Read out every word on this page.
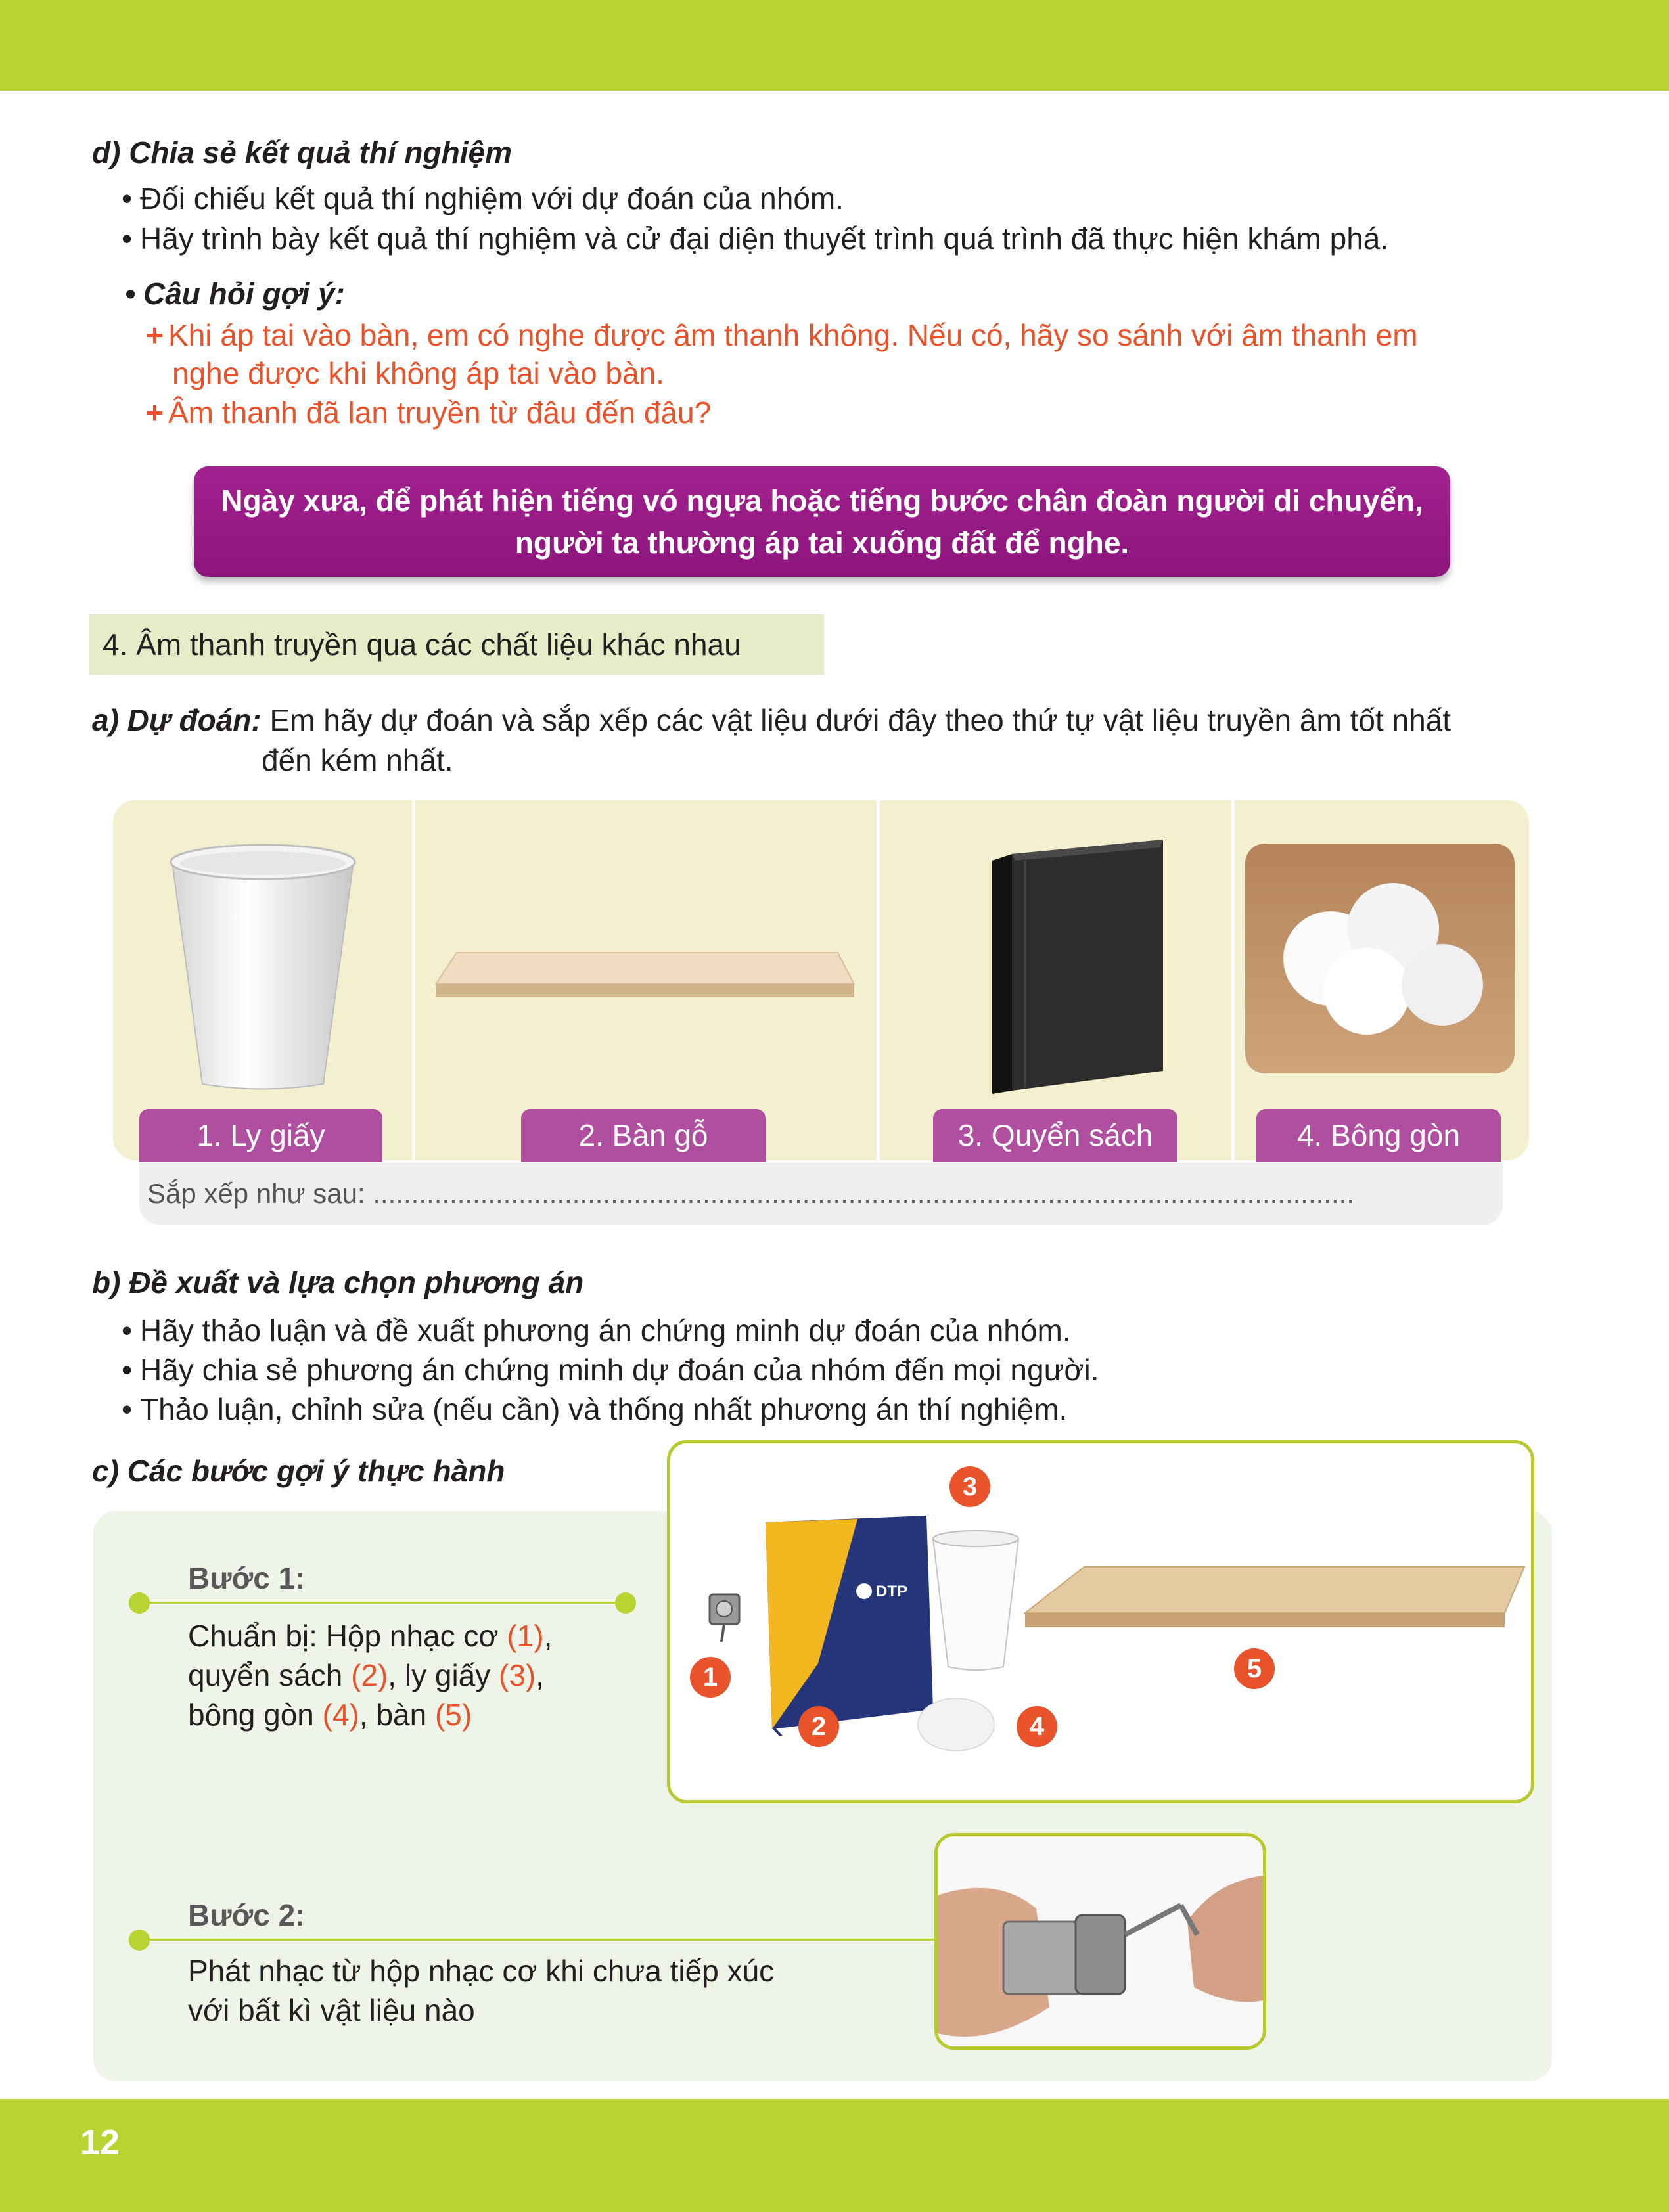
d) Chia sẻ kết quả thí nghiệm
• Đối chiếu kết quả thí nghiệm với dự đoán của nhóm.
• Hãy trình bày kết quả thí nghiệm và cử đại diện thuyết trình quá trình đã thực hiện khám phá.
• Câu hỏi gợi ý:
+ Khi áp tai vào bàn, em có nghe được âm thanh không. Nếu có, hãy so sánh với âm thanh em
nghe được khi không áp tai vào bàn.
+ Âm thanh đã lan truyền từ đâu đến đâu?
Ngày xưa, để phát hiện tiếng vó ngựa hoặc tiếng bước chân đoàn người di chuyển,
người ta thường áp tai xuống đất để nghe.
4. Âm thanh truyền qua các chất liệu khác nhau
a) Dự đoán: Em hãy dự đoán và sắp xếp các vật liệu dưới đây theo thứ tự vật liệu truyền âm tốt nhất
đến kém nhất.
1. Ly giấy	2. Bàn gỗ	3. Quyển sách	4. Bông gòn
Sắp xếp như sau: ................................................................................................................................
b) Đề xuất và lựa chọn phương án
• Hãy thảo luận và đề xuất phương án chứng minh dự đoán của nhóm.
• Hãy chia sẻ phương án chứng minh dự đoán của nhóm đến mọi người.
• Thảo luận, chỉnh sửa (nếu cần) và thống nhất phương án thí nghiệm.
c) Các bước gợi ý thực hành
Bước 1:
Chuẩn bị: Hộp nhạc cơ (1),
quyển sách (2), ly giấy (3),
bông gòn (4), bàn (5)
DTP
1
2
3
4
5
Bước 2:
Phát nhạc từ hộp nhạc cơ khi chưa tiếp xúc
với bất kì vật liệu nào
12
